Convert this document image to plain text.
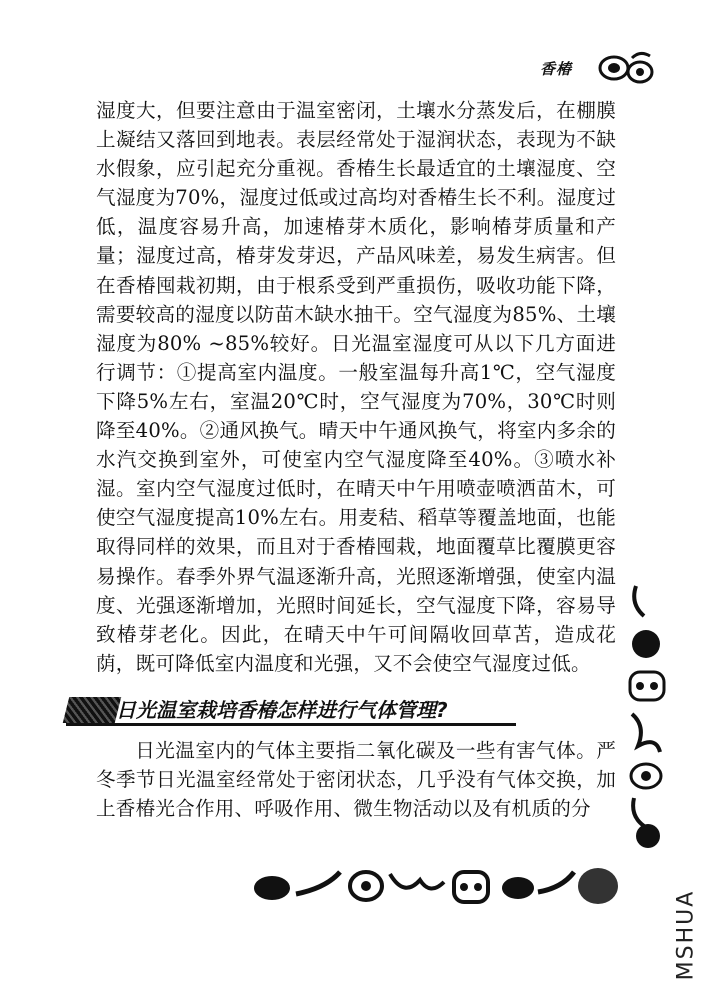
香椿

湿度大，但要注意由于温室密闭，土壤水分蒸发后，在棚膜上凝结又落回到地表。表层经常处于湿润状态，表现为不缺水假象，应引起充分重视。香椿生长最适宜的土壤湿度、空气湿度为70%，湿度过低或过高均对香椿生长不利。湿度过低，温度容易升高，加速椿芽木质化，影响椿芽质量和产量；湿度过高，椿芽发芽迟，产品风味差，易发生病害。但在香椿囤栽初期，由于根系受到严重损伤，吸收功能下降，需要较高的湿度以防苗木缺水抽干。空气湿度为85%、土壤湿度为80% ~85%较好。日光温室湿度可从以下几方面进行调节：①提高室内温度。一般室温每升高1℃，空气湿度下降5%左右，室温20℃时，空气湿度为70%，30℃时则降至40%。②通风换气。晴天中午通风换气，将室内多余的水汽交换到室外，可使室内空气湿度降至40%。③喷水补湿。室内空气湿度过低时，在晴天中午用喷壶喷洒苗木，可使空气湿度提高10%左右。用麦秸、稻草等覆盖地面，也能取得同样的效果，而且对于香椿囤栽，地面覆草比覆膜更容易操作。春季外界气温逐渐升高，光照逐渐增强，使室内温度、光强逐渐增加，光照时间延长，空气湿度下降，容易导致椿芽老化。因此，在晴天中午可间隔收回草苫，造成花荫，既可降低室内温度和光强，又不会使空气湿度过低。

日光温室栽培香椿怎样进行气体管理?

日光温室内的气体主要指二氧化碳及一些有害气体。严冬季节日光温室经常处于密闭状态，几乎没有气体交换，加上香椿光合作用、呼吸作用、微生物活动以及有机质的分

MSHUA
